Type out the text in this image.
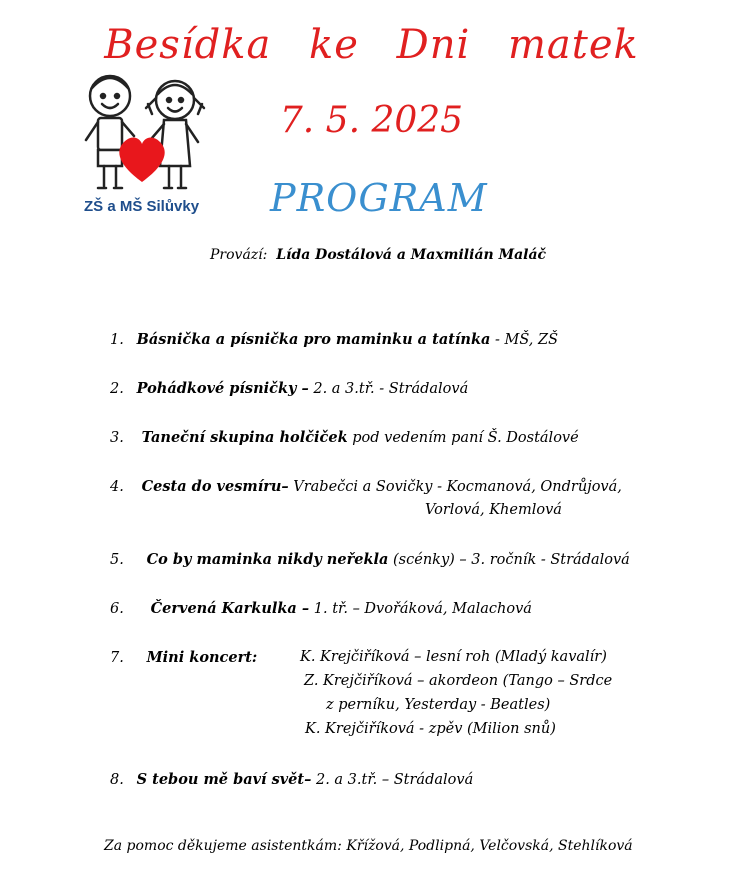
Besídka ke Dni matek
ZŠ a MŠ Silůvky
7. 5. 2025
PROGRAM
Provází: Lída Dostálová a Maxmilián Maláč
1. Básnička a písnička pro maminku a tatínka - MŠ, ZŠ
2. Pohádkové písničky – 2. a 3.tř. - Strádalová
3. Taneční skupina holčiček pod vedením paní Š. Dostálové
4. Cesta do vesmíru– Vrabečci a Sovičky - Kocmanová, Ondrůjová,
Vorlová, Khemlová
5. Co by maminka nikdy neřekla (scénky) – 3. ročník - Strádalová
6. Červená Karkulka – 1. tř. – Dvořáková, Malachová
7. Mini koncert:	K. Krejčiříková – lesní roh (Mladý kavalír)
Z. Krejčiříková – akordeon (Tango – Srdce
z perníku, Yesterday - Beatles)
K. Krejčiříková - zpěv (Milion snů)
8. S tebou mě baví svět– 2. a 3.tř. – Strádalová
Za pomoc děkujeme asistentkám: Křížová, Podlipná, Velčovská, Stehlíková
